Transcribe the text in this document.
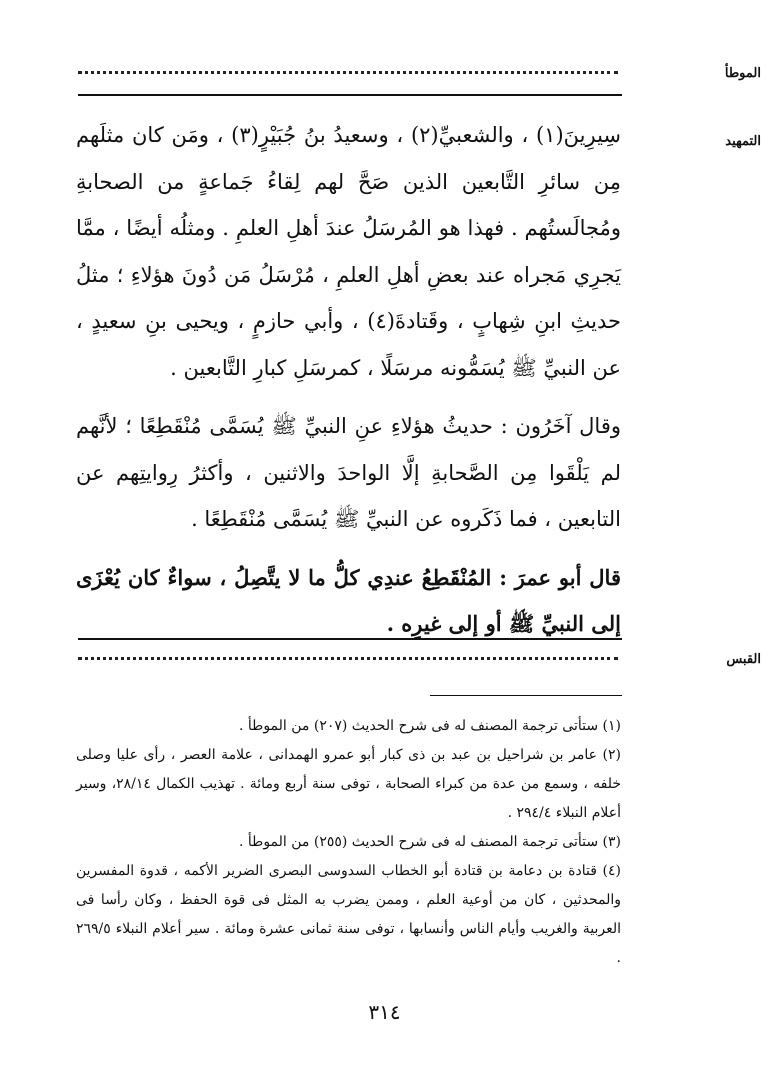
الموطأ
التمهيد

سِيرِينَ(١) ، والشعبيِّ(٢) ، وسعيدُ بنُ جُبَيْرٍ(٣) ، ومَن كان مثلَهم مِن سائرِ التَّابعين الذين صَحَّ لهم لِقاءُ جَماعةٍ من الصحابةِ ومُجالَستُهم . فهذا هو المُرسَلُ عندَ أهلِ العلمِ . ومثلُه أيضًا ، ممَّا يَجرِي مَجراه عند بعضِ أهلِ العلمِ ، مُرْسَلُ مَن دُونَ هؤلاءِ ؛ مثلُ حديثِ ابنِ شِهابٍ ، وقَتادةَ(٤) ، وأبي حازمٍ ، ويحيى بنِ سعيدٍ ، عن النبيِّ ﷺ يُسَمُّونه مرسَلًا ، كمرسَلِ كبارِ التَّابعين .

وقال آخَرُون : حديثُ هؤلاءِ عنِ النبيِّ ﷺ يُسَمَّى مُنْقَطِعًا ؛ لأنَّهم لم يَلْقَوا مِن الصَّحابةِ إلَّا الواحدَ والاثنين ، وأكثرُ رِوايتِهم عن التابعين ، فما ذَكَروه عن النبيِّ ﷺ يُسَمَّى مُنْقَطِعًا .

قال أبو عمرَ : المُنْقَطِعُ عندِي كلُّ ما لا يتَّصِلُ ، سواءٌ كان يُعْزَى إلى النبيِّ ﷺ أو إلى غيرِه .

القبس

(١) ستأتى ترجمة المصنف له فى شرح الحديث (٢٠٧) من الموطأ .

(٢) عامر بن شراحيل بن عبد بن ذى كبار أبو عمرو الهمدانى ، علامة العصر ، رأى عليا وصلى خلفه ، وسمع من عدة من كبراء الصحابة ، توفى سنة أربع ومائة . تهذيب الكمال ٢٨/١٤، وسير أعلام النبلاء ٢٩٤/٤ .

(٣) ستأتى ترجمة المصنف له فى شرح الحديث (٢٥٥) من الموطأ .

(٤) قتادة بن دعامة بن قتادة أبو الخطاب السدوسى البصرى الضرير الأكمه ، قدوة المفسرين والمحدثين ، كان من أوعية العلم ، وممن يضرب به المثل فى قوة الحفظ ، وكان رأسا فى العربية والغريب وأيام الناس وأنسابها ، توفى سنة ثمانى عشرة ومائة . سير أعلام النبلاء ٢٦٩/٥ .

٣١٤
